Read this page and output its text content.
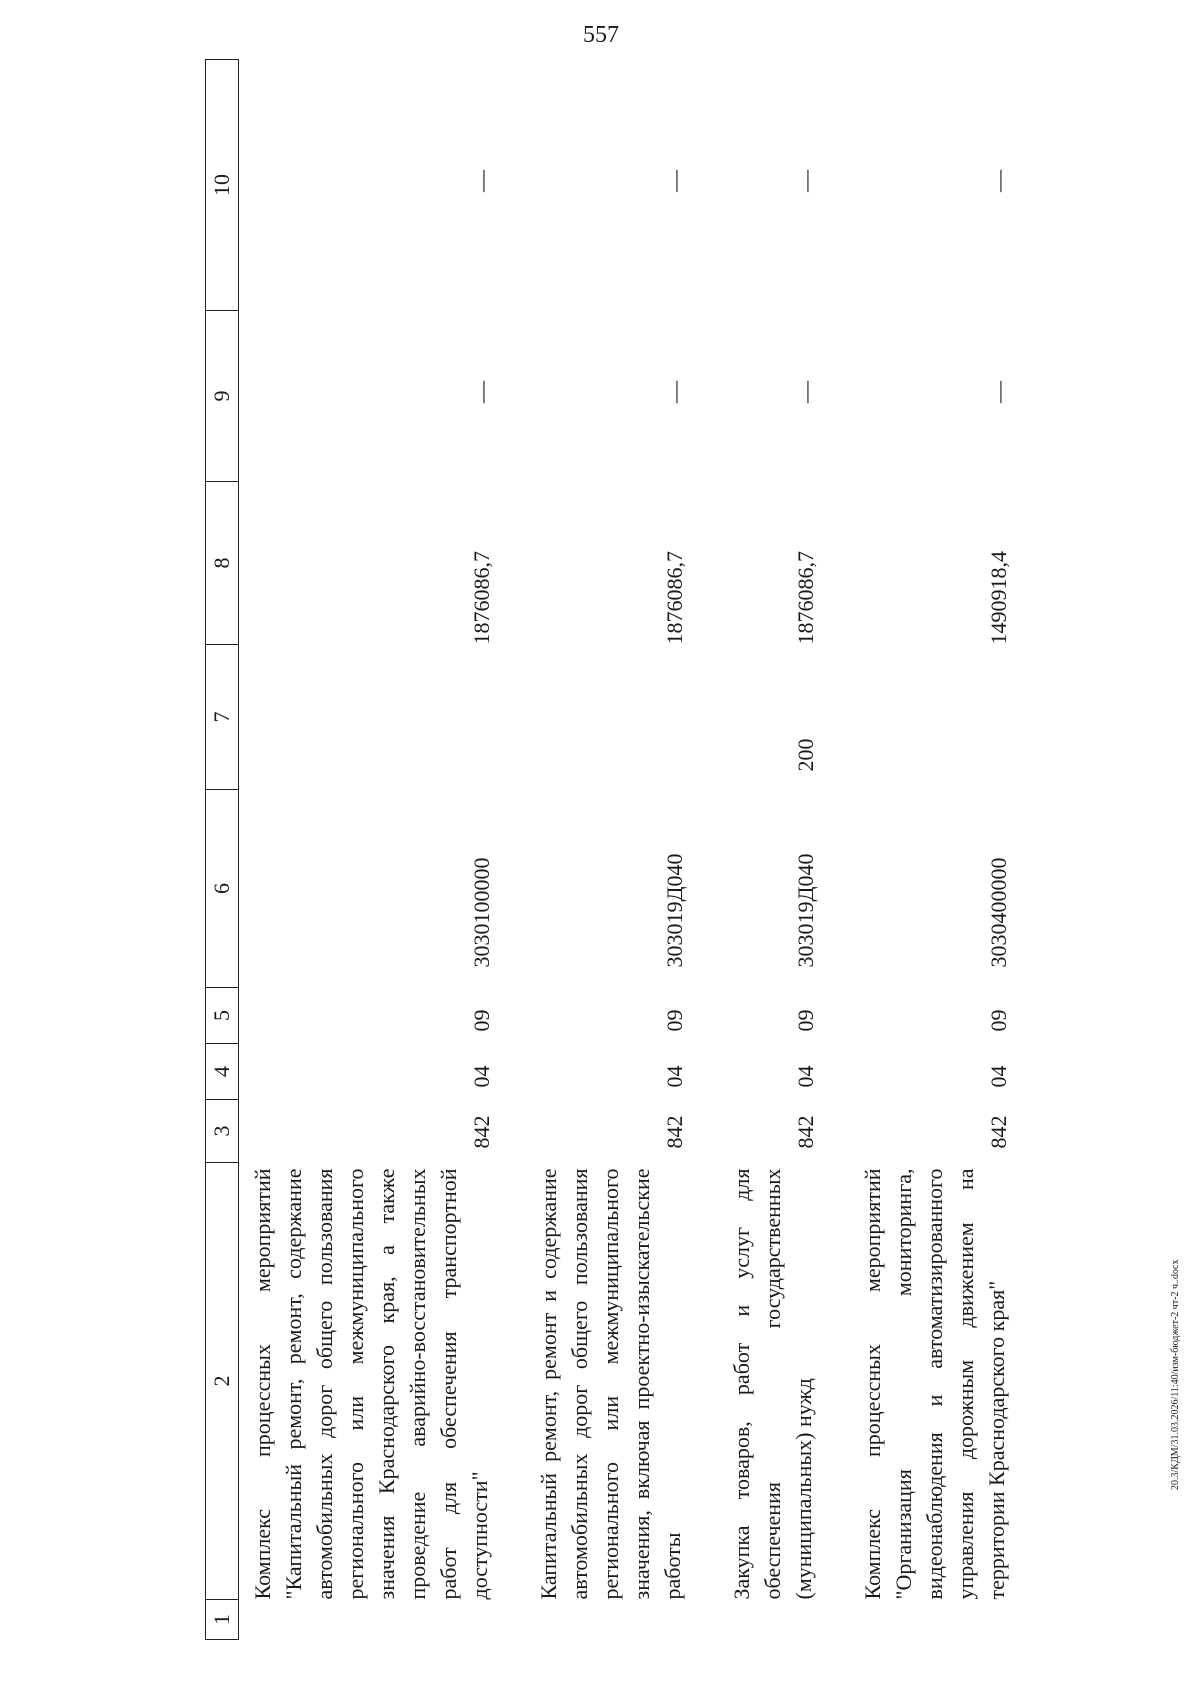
557
1	2	3	4	5	6	7	8	9	10
	Комплекс процессных мероприятий "Капитальный ремонт, ремонт, содержание автомобильных дорог общего пользования регионального или межмуниципального значения Краснодарского края, а также проведение аварийно-восстановительных работ для обеспечения транспортной доступности"	842	04	09	3030100000		1876086,7	—	—

	Капитальный ремонт, ремонт и содержание автомобильных дорог общего пользования регионального или межмуниципального значения, включая проектно-изыскательские работы	842	04	09	303019Д040		1876086,7	—	—

	Закупка товаров, работ и услуг для обеспечения государственных (муниципальных) нужд	842	04	09	303019Д040	200	1876086,7	—	—

	Комплекс процессных мероприятий "Организация мониторинга, видеонаблюдения и автоматизированного управления дорожным движением на территории Краснодарского края"	842	04	09	3030400000		1490918,4	—	—
20.3/КДМ/31.03.2026/11:40/изм-бюджет-2 чт-2 ч..docx
